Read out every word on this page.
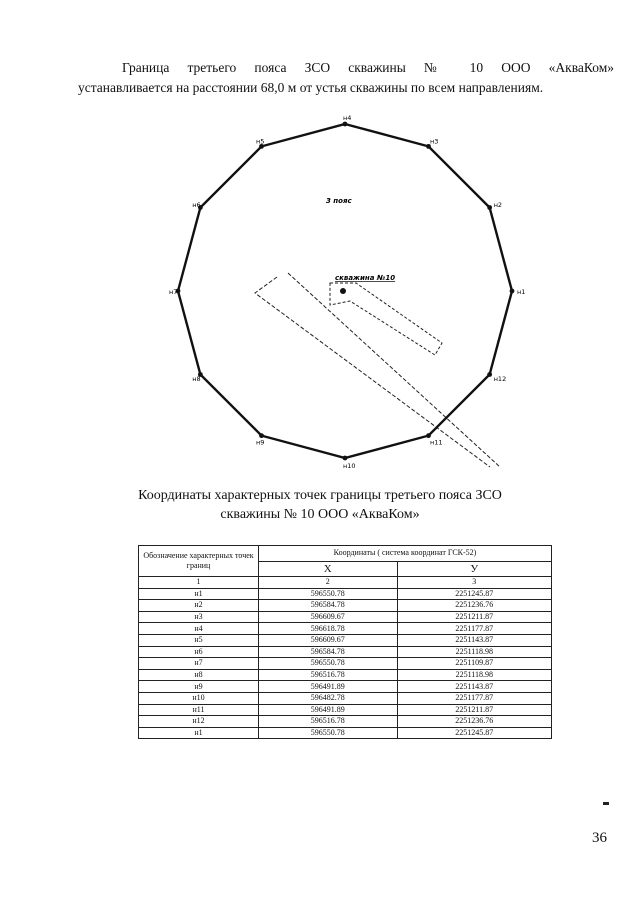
Граница третьего пояса ЗСО скважины № 10 ООО «АкваКом»
устанавливается на расстоянии 68,0 м от устья скважины по всем направлениям.
н4
н3
н2
н1
н12
н11
н10
н9
н8
н7
н6
н5
3 пояс
скважина №10
Координаты характерных точек границы третьего пояса ЗСО
скважины № 10 ООО «АкваКом»
Обозначение характерных точек границ	Координаты ( система координат ГСК-52)	
	X	У
1	2	3
н1	596550.78	2251245.87
н2	596584.78	2251236.76
н3	596609.67	2251211.87
н4	596618.78	2251177.87
н5	596609.67	2251143.87
н6	596584.78	2251118.98
н7	596550.78	2251109.87
н8	596516.78	2251118.98
н9	596491.89	2251143.87
н10	596482.78	2251177.87
н11	596491.89	2251211.87
н12	596516.78	2251236.76
н1	596550.78	2251245.87
36
